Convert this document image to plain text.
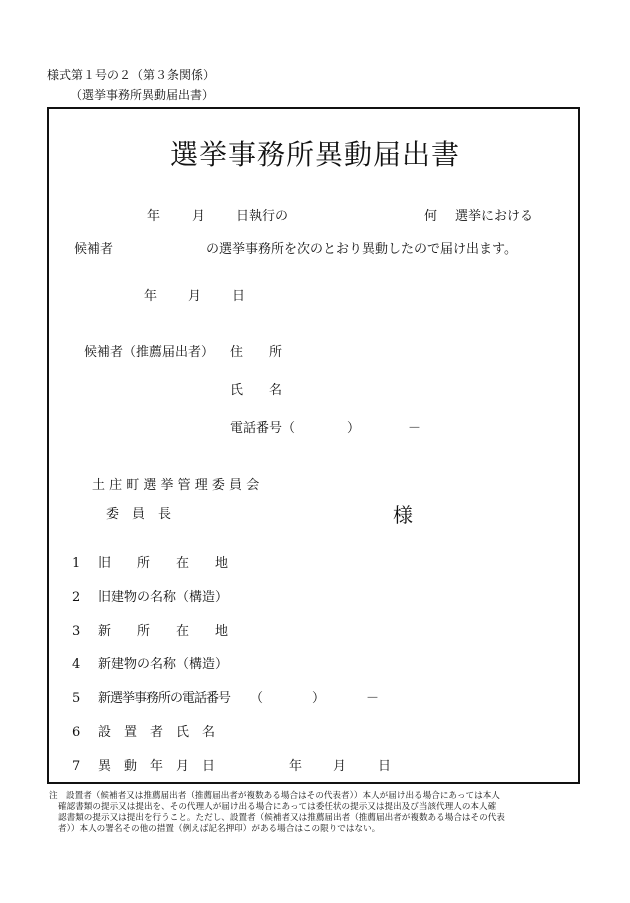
様式第１号の２（第３条関係）
（選挙事務所異動届出書）
選挙事務所異動届出書
年 月 日執行の	何 選挙における
候補者	の選挙事務所を次のとおり異動したので届け出ます。
年 月 日
候補者（推薦届出者） 住　　所
氏　　名
電話番号（	）	－
土 庄 町 選 挙 管 理 委 員 会
委　員　長	様
1 旧　　所　　在　　地
2 旧建物の名称（構造）
3 新　　所　　在　　地
4 新建物の名称（構造）
5 新選挙事務所の電話番号 （	）	－
6 設　置　者　氏　名
7 異　動　年　月　日	年 月 日
注 設置者（候補者又は推薦届出者（推薦届出者が複数ある場合はその代表者））本人が届け出る場合にあっては本人
確認書類の提示又は提出を、その代理人が届け出る場合にあっては委任状の提示又は提出及び当該代理人の本人確
認書類の提示又は提出を行うこと。ただし、設置者（候補者又は推薦届出者（推薦届出者が複数ある場合はその代表
者））本人の署名その他の措置（例えば記名押印）がある場合はこの限りではない。
